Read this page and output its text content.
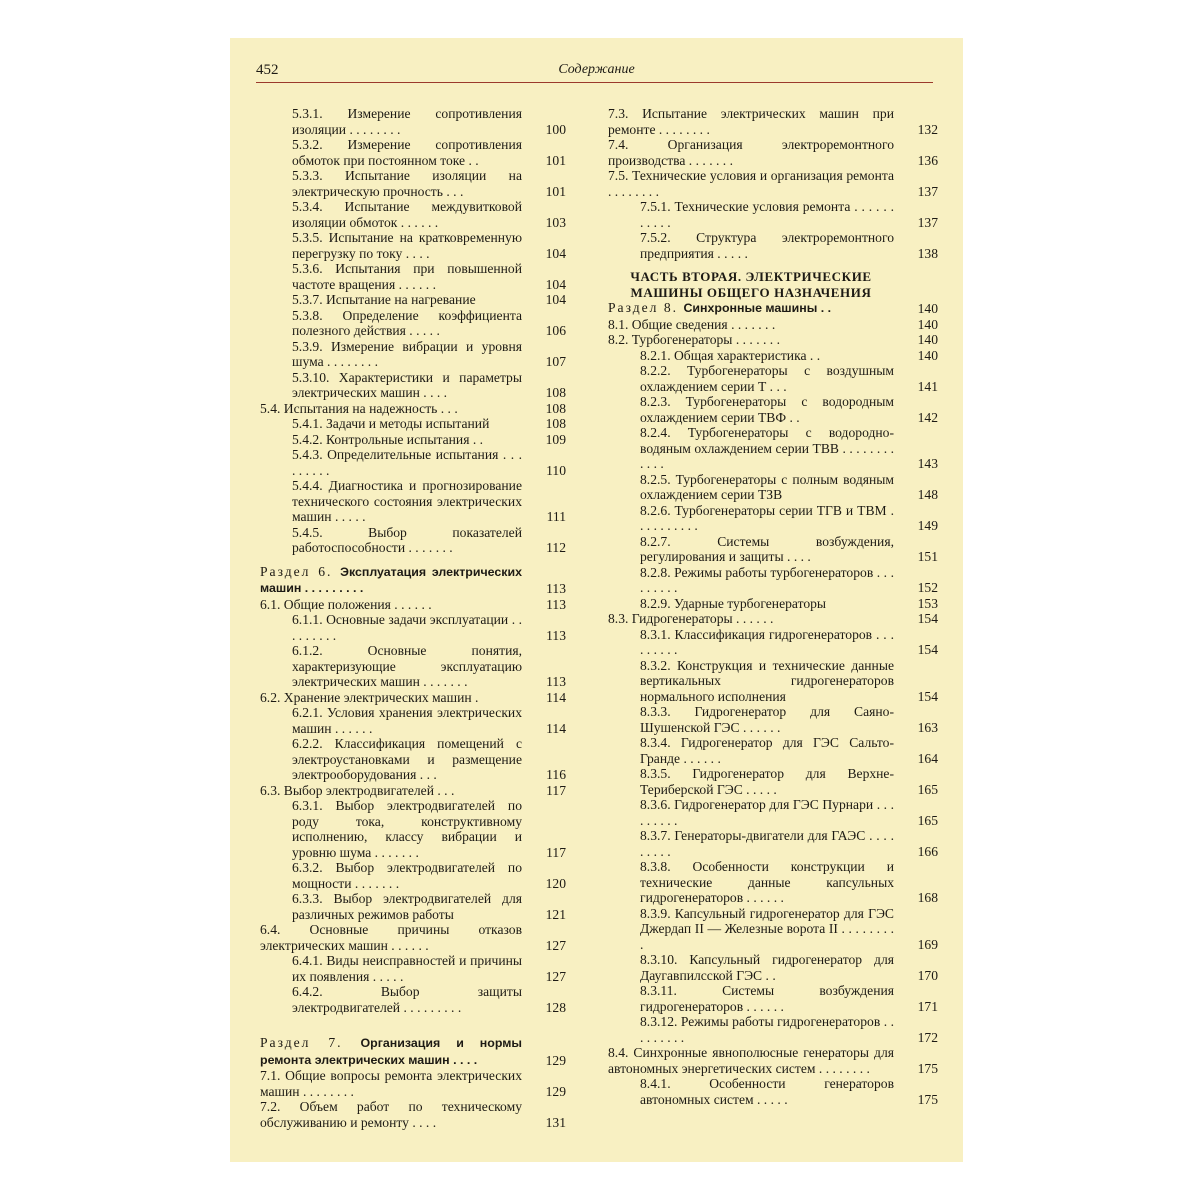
452	Содержание
5.3.1. Измерение сопротивления изоляции . . . . . . . .	100
5.3.2. Измерение сопротивления обмоток при постоянном токе . .	101
5.3.3. Испытание изоляции на электрическую прочность . . .	101
5.3.4. Испытание междувитковой изоляции обмоток . . . . . .	103
5.3.5. Испытание на кратковременную перегрузку по току . . . .	104
5.3.6. Испытания при повышенной частоте вращения . . . . . .	104
5.3.7. Испытание на нагревание	104
5.3.8. Определение коэффициента полезного действия . . . . .	106
5.3.9. Измерение вибрации и уровня шума . . . . . . . .	107
5.3.10. Характеристики и параметры электрических машин . . . .	108
5.4. Испытания на надежность . . .	108
5.4.1. Задачи и методы испытаний	108
5.4.2. Контрольные испытания . .	109
5.4.3. Определительные испытания . . . . . . . . .	110
5.4.4. Диагностика и прогнозирование технического состояния электрических машин . . . . .	111
5.4.5. Выбор показателей работоспособности . . . . . . .	112
Раздел 6. Эксплуатация электрических машин . . . . . . . . .	113
6.1. Общие положения . . . . . .	113
6.1.1. Основные задачи эксплуатации . . . . . . . . .	113
6.1.2. Основные понятия, характеризующие эксплуатацию электрических машин . . . . . . .	113
6.2. Хранение электрических машин .	114
6.2.1. Условия хранения электрических машин . . . . . .	114
6.2.2. Классификация помещений с электроустановками и размещение электрооборудования . . .	116
6.3. Выбор электродвигателей . . .	117
6.3.1. Выбор электродвигателей по роду тока, конструктивному исполнению, классу вибрации и уровню шума . . . . . . .	117
6.3.2. Выбор электродвигателей по мощности . . . . . . .	120
6.3.3. Выбор электродвигателей для различных режимов работы	121
6.4. Основные причины отказов электрических машин . . . . . .	127
6.4.1. Виды неисправностей и причины их появления . . . . .	127
6.4.2. Выбор защиты электродвигателей . . . . . . . . .	128
Раздел 7. Организация и нормы ремонта электрических машин . . . .	129
7.1. Общие вопросы ремонта электрических машин . . . . . . . .	129
7.2. Объем работ по техническому обслуживанию и ремонту . . . .	131
7.3. Испытание электрических машин при ремонте . . . . . . . .	132
7.4. Организация электроремонтного производства . . . . . . .	136
7.5. Технические условия и организация ремонта . . . . . . . .	137
7.5.1. Технические условия ремонта . . . . . . . . . . .	137
7.5.2. Структура электроремонтного предприятия . . . . .	138
ЧАСТЬ ВТОРАЯ. ЭЛЕКТРИЧЕСКИЕ МАШИНЫ ОБЩЕГО НАЗНАЧЕНИЯ
Раздел 8. Синхронные машины . .	140
8.1. Общие сведения . . . . . . .	140
8.2. Турбогенераторы . . . . . . .	140
8.2.1. Общая характеристика . .	140
8.2.2. Турбогенераторы с воздушным охлаждением серии Т . . .	141
8.2.3. Турбогенераторы с водородным охлаждением серии ТВФ . .	142
8.2.4. Турбогенераторы с водородно-водяным охлаждением серии ТВВ . . . . . . . . . . . .	143
8.2.5. Турбогенераторы с полным водяным охлаждением серии ТЗВ	148
8.2.6. Турбогенераторы серии ТГВ и ТВМ . . . . . . . . . .	149
8.2.7. Системы возбуждения, регулирования и защиты . . . .	151
8.2.8. Режимы работы турбогенераторов . . . . . . . . .	152
8.2.9. Ударные турбогенераторы	153
8.3. Гидрогенераторы . . . . . .	154
8.3.1. Классификация гидрогенераторов . . . . . . . . .	154
8.3.2. Конструкция и технические данные вертикальных гидрогенераторов нормального исполнения	154
8.3.3. Гидрогенератор для Саяно-Шушенской ГЭС . . . . . .	163
8.3.4. Гидрогенератор для ГЭС Сальто-Гранде . . . . . .	164
8.3.5. Гидрогенератор для Верхне-Териберской ГЭС . . . . .	165
8.3.6. Гидрогенератор для ГЭС Пурнари . . . . . . . . .	165
8.3.7. Генераторы-двигатели для ГАЭС . . . . . . . . .	166
8.3.8. Особенности конструкции и технические данные капсульных гидрогенераторов . . . . . .	168
8.3.9. Капсульный гидрогенератор для ГЭС Джердап II — Железные ворота II . . . . . . . . .	169
8.3.10. Капсульный гидрогенератор для Даугавпилсской ГЭС . .	170
8.3.11. Системы возбуждения гидрогенераторов . . . . . .	171
8.3.12. Режимы работы гидрогенераторов . . . . . . . . .	172
8.4. Синхронные явнополюсные генераторы для автономных энергетических систем . . . . . . . .	175
8.4.1. Особенности генераторов автономных систем . . . . .	175
